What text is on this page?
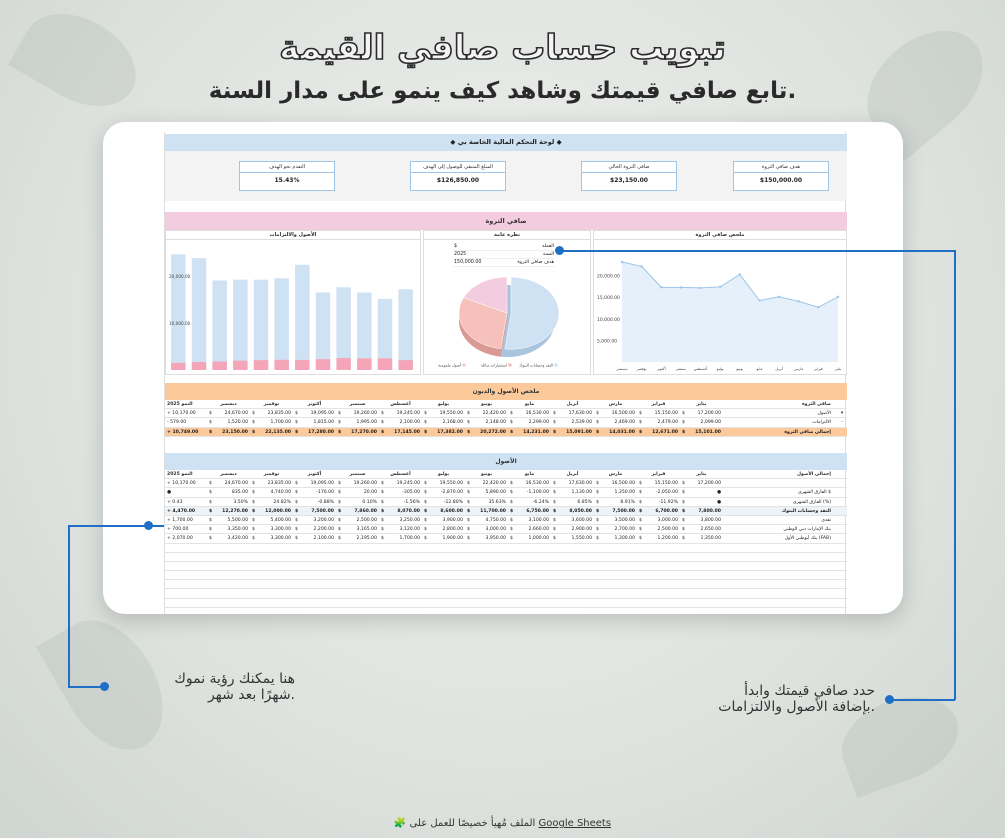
تبويب حساب صافي القيمة
تابع صافي قيمتك وشاهد كيف ينمو على مدار السنة.
◆ لوحة التحكم المالية الخاصة بي ◆
هدف صافي الثروة
$150,000.00
صافي الثروة الحالي
$23,150.00
المبلغ المتبقي للوصول إلى الهدف
$126,850.00
التقدم نحو الهدف
15.43%
صافي الثروة
الأصول والالتزامات
10,000.00
20,000.00
نظرة عامة
$	العملة
2025	السنة
150,000.00	هدف صافي الثروة
النقد وحسابات البنوك
استثمارات سائلة
أصول ملموسة
ملخص صافي الثروة
5,000.00
10,000.00
15,000.00
20,000.00
يناير
فبراير
مارس
أبريل
مايو
يونيو
يوليو
أغسطس
سبتمبر
أكتوبر
نوفمبر
ديسمبر
ملخص الأصول والديون
النمو 2025	ديسمبر	نوفمبر	أكتوبر	سبتمبر	أغسطس	يوليو	يونيو	مايو	أبريل	مارس	فبراير	يناير	صافي الثروة
+ 10,170.00	$	24,670.00 $	23,835.00 $	19,095.00 $	19,260.00 $	19,245.00 $	19,550.00 $	22,420.00 $	16,530.00 $	17,630.00 $	16,500.00 $	15,150.00 $	17,200.00	الأصول	▾
- 579.00	$	1,520.00 $	1,700.00 $	1,815.00 $	1,995.00 $	2,100.00 $	2,168.00 $	2,148.00 $	2,299.00 $	2,539.00 $	2,469.00 $	2,479.00 $	2,099.00	الالتزامات	-
+ 10,749.00	$ 23,150.00 $ 22,135.00 $ 17,280.00 $ 17,270.00 $ 17,145.00 $ 17,382.00 $ 20,272.00 $ 14,231.00 $ 15,091.00 $ 14,031.00 $ 12,671.00 $ 15,101.00	إجمالي صافي الثروة
الأصول
النمو 2025	ديسمبر	نوفمبر	أكتوبر	سبتمبر	أغسطس	يوليو	يونيو	مايو	أبريل	مارس	فبراير	يناير	إجمالي الأصول
+ 10,170.00	$	24,670.00 $	23,835.00 $	19,095.00 $	19,260.00 $	19,245.00 $	19,550.00 $	22,420.00 $	16,530.00 $	17,630.00 $	16,500.00 $	15,150.00 $	17,200.00
●	$	835.00 $	4,740.00 $	-170.00 $	20.00 $	-305.00 $	-2,870.00 $	5,890.00 $	-1,100.00 $	1,130.00 $	1,350.00 $	-2,050.00 $	●	الفارق الشهري $
+ 0.43	$	3.50% $	24.82% $	-0.88% $	0.10% $	-1.56% $	-12.80% $	35.63% $	-6.24% $	6.85% $	8.91% $	-11.92% $	●	الفارق الشهري (%)
+ 4,470.00	$ 12,270.00 $ 12,000.00 $	7,500.00 $	7,860.00 $	8,070.00 $	8,600.00 $ 11,700.00 $	6,750.00 $	8,050.00 $	7,500.00 $	6,700.00 $	7,800.00	النقد وحسابات البنوك
+ 1,700.00	$	5,500.00 $	5,400.00 $	3,200.00 $	2,500.00 $	3,250.00 $	3,900.00 $	4,750.00 $	3,100.00 $	3,600.00 $	3,500.00 $	3,000.00 $	3,800.00	نقدي
+ 700.00	$	3,350.00 $	3,300.00 $	2,200.00 $	3,165.00 $	3,120.00 $	2,800.00 $	3,000.00 $	2,660.00 $	2,900.00 $	2,700.00 $	2,500.00 $	2,650.00	بنك الإمارات دبي الوطني
+ 2,070.00	$	3,420.00 $	3,300.00 $	2,100.00 $	2,195.00 $	1,700.00 $	1,900.00 $	3,950.00 $	1,000.00 $	1,550.00 $	1,300.00 $	1,200.00 $	1,350.00	بنك أبوظبي الأول (FAB)
حدد صافي قيمتك وابدأ
بإضافة الأصول والالتزامات.
هنا يمكنك رؤية نموك
شهرًا بعد شهر.
🧩 الملف مُهيأ خصيصًا للعمل على Google Sheets
